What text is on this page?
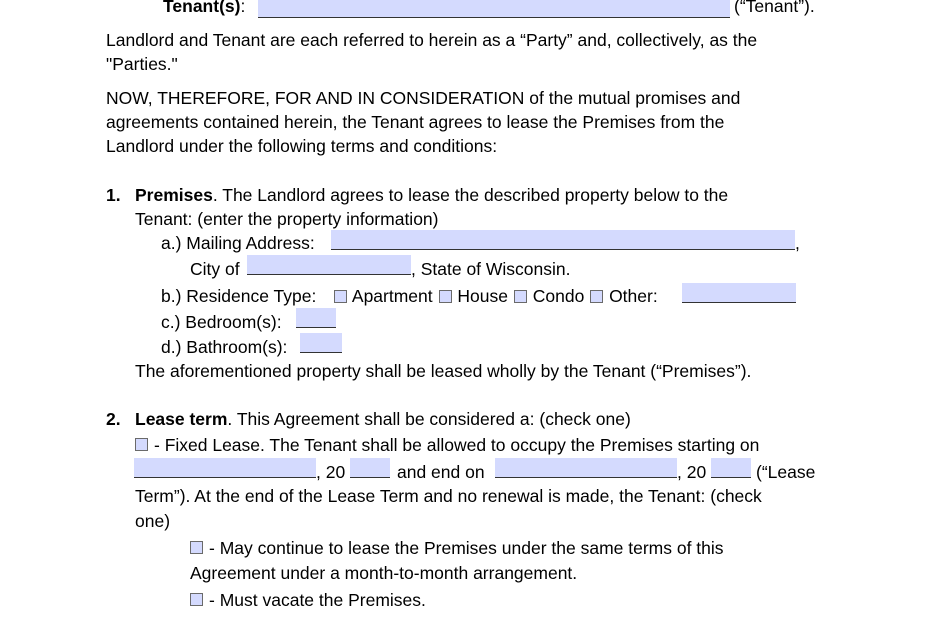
Tenant(s):	(“Tenant”).
Landlord and Tenant are each referred to herein as a “Party” and, collectively, as the
"Parties."
NOW, THEREFORE, FOR AND IN CONSIDERATION of the mutual promises and
agreements contained herein, the Tenant agrees to lease the Premises from the
Landlord under the following terms and conditions:
1. Premises. The Landlord agrees to lease the described property below to the
Tenant: (enter the property information)
a.) Mailing Address:	,
City of	, State of Wisconsin.
b.) Residence Type:	Apartment House Condo Other:
c.) Bedroom(s):
d.) Bathroom(s):
The aforementioned property shall be leased wholly by the Tenant (“Premises”).
2. Lease term. This Agreement shall be considered a: (check one)
- Fixed Lease. The Tenant shall be allowed to occupy the Premises starting on
, 20	and end on	, 20	(“Lease
Term”). At the end of the Lease Term and no renewal is made, the Tenant: (check
one)
- May continue to lease the Premises under the same terms of this
Agreement under a month-to-month arrangement.
- Must vacate the Premises.
